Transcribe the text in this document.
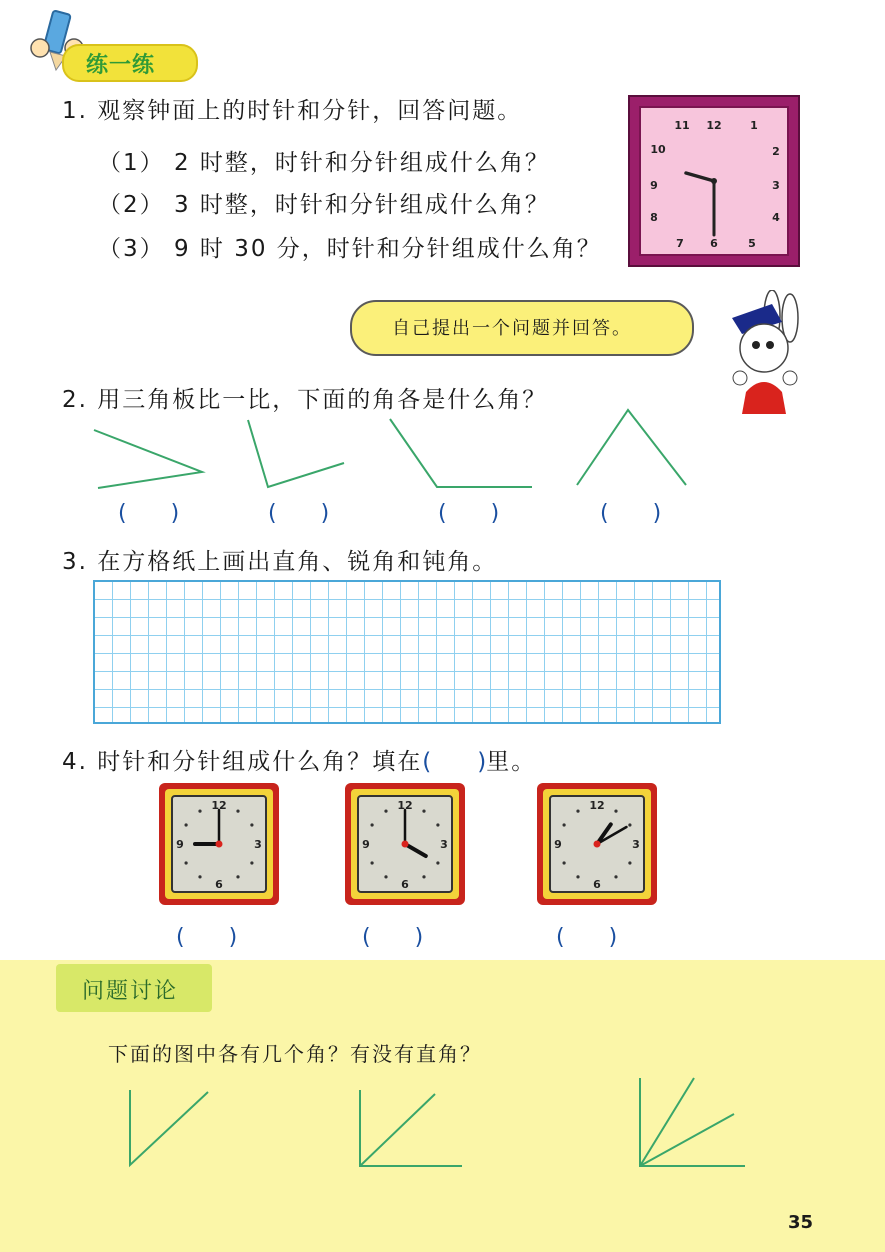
练一练
1. 观察钟面上的时针和分针，回答问题。
（1） 2 时整，时针和分针组成什么角？
（2） 3 时整，时针和分针组成什么角？
（3） 9 时 30 分，时针和分针组成什么角？
12	1
2
3
4
5
6
7
8
9
10
11
自己提出一个问题并回答。
2. 用三角板比一比，下面的角各是什么角？
(　　)	(　　)	(　　)	(　　)
3. 在方格纸上画出直角、锐角和钝角。
4. 时针和分针组成什么角？填在(　　)里。
12
3
6
9
12
3
6
9
12
3
6
9
(　　)	(　　)	(　　)
问题讨论
下面的图中各有几个角？有没有直角？
35
